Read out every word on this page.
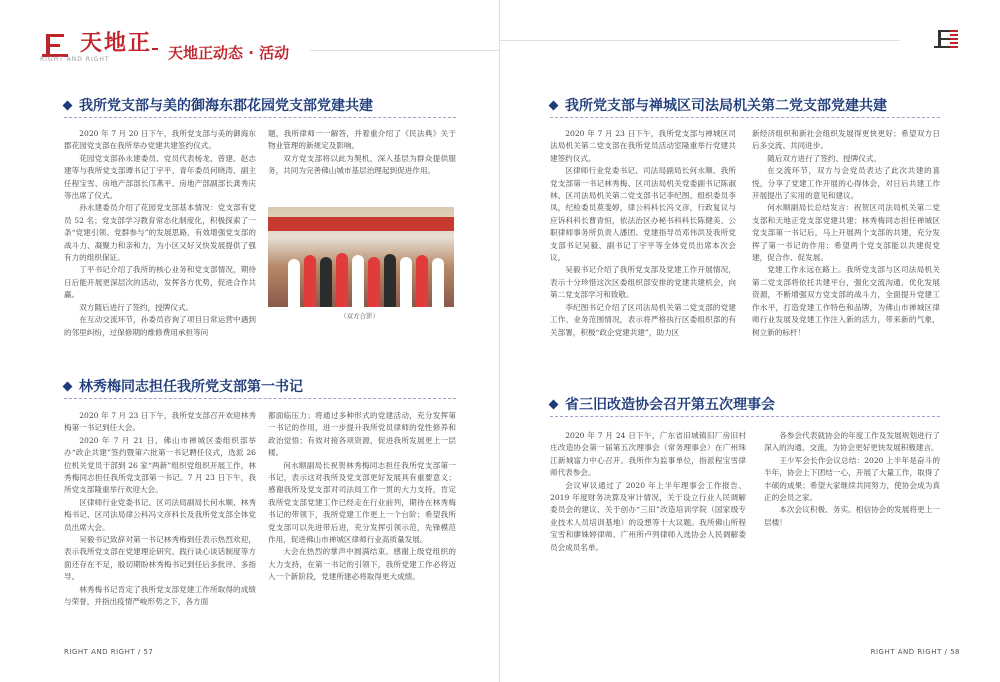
天地正
RIGHT AND RIGHT	天地正动态 · 活动
我所党支部与美的御海东郡花园党支部党建共建

2020 年 7 月 20 日下午，我所党支部与美的御海东郡花园党支部在我所举办党建共建签约仪式。

花园党支部孙永建委员、党员代表杨龙、曾建、赵志建等与我所党支部谭书记丁宇平、青年委员何晓涛、副主任程宝雪、房地产部部长邝燕平、房地产部副部长龚秀庆等出席了仪式。

孙永建委员介绍了花园党支部基本情况：党支部有党员 52 名；党支部学习教育常态化制度化，积极探索了一条“党建引领、党群参与”的发展思路，有效增强党支部的战斗力、凝聚力和亲和力，为小区又好又快发展提供了强有力的组织保证。

丁平书记介绍了我所的核心业务和党支部情况，期待日后能开展更深层次的活动，发挥各方优势，促进合作共赢。

双方随后进行了签约，授牌仪式。

在互动交流环节，孙委员咨询了项目日常运营中遇到的邻里纠纷，过保修期的维修费用承担等问

题，我所律师一一解答，并着重介绍了《民法典》关于物业管理的新规定及影响。

双方党支部将以此为契机，深入基层为群众提供服务，共同为完善佛山城市基层治理起到促进作用。

（双方合影）
林秀梅同志担任我所党支部第一书记

2020 年 7 月 23 日下午，我所党支部召开欢迎林秀梅第一书记到任大会。

2020 年 7 月 21 日，佛山市禅城区委组织部举办“政企共建”签约暨第六批第一书记聘任仪式，选派 26 位机关党员干部到 26 家“两新”组织党组织开展工作，林秀梅同志担任我所党支部第一书记。7 月 23 日下午，我所党支部隆重举行欢迎大会。

区律师行业党委书记、区司法局副局长何水顺、林秀梅书记、区司法局律公科冯文彦科长及我所党支部全体党员出席大会。

吴毅书记致辞对第一书记林秀梅到任表示热烈欢迎，表示我所党支部在党建理论研究、践行谈心谈话制度等方面还存在不足，殷切期盼林秀梅书记到任后多批评、多指导。

林秀梅书记肯定了我所党支部党建工作所取得的成绩与荣誉，并指出疫情严峻形势之下，各方面

都面临压力；将通过多种形式的党建活动，充分发挥第一书记的作用，进一步提升我所党员律师的党性修养和政治觉悟；有效对接各项资源，促进我所发展更上一层楼。

何水顺副局长祝贺林秀梅同志担任我所党支部第一书记，表示这对我所及党支部更好发展具有重要意义；感谢我所及党支部对司法局工作一贯的大力支持，肯定我所党支部党建工作已经走在行业前列，期待在林秀梅书记的带领下，我所党建工作更上一个台阶；希望我所党支部可以先进带后进，充分发挥引领示范，先锋模范作用，促进佛山市禅城区律师行业高质量发展。

大会在热烈的掌声中圆满结束。感谢上级党组织的大力支持，在第一书记的引领下，我所党建工作必将迈入一个新阶段，党建所建必将取得更大成绩。

RIGHT AND RIGHT / 57
我所党支部与禅城区司法局机关第二党支部党建共建

2020 年 7 月 23 日下午，我所党支部与禅城区司法局机关第二党支部在我所党员活动室隆重举行党建共建签约仪式。

区律师行业党委书记、司法局副局长何水顺、我所党支部第一书记林秀梅、区司法局机关党委副书记陈淑林、区司法局机关第二党支部书记李纪图、组织委员李凤，纪检委员莫斐婷，律公科科长冯文彦，行政复议与应诉科科长曹青恒，依法治区办秘书科科长陈健美、公职律师事务所负责人潘团、党建指导员邓伟洪及我所党支部书记吴毅、副书记丁宇平等全体党员出席本次会议。

吴毅书记介绍了我所党支部及党建工作开展情况，表示十分珍惜这次区委组织部安排的党建共建机会，向第二党支部学习和致敬。

李纪图书记介绍了区司法局机关第二党支部的党建工作、业务范围情况，表示将严格执行区委组织部的有关部署，积极“政企党建共建”，助力区

新经济组织和新社会组织发展得更快更好；希望双方日后多交流、共同进步。

随后双方进行了签约、授牌仪式。

在交流环节，双方与会党员表达了此次共建的喜悦，分享了党建工作开展的心得体会，对日后共建工作开展提出了实用的意见和建议。

何水顺副局长总结发言：祝贺区司法局机关第二党支部和天地正党支部党建共建；林秀梅同志担任禅城区党支部第一书记后，马上开展两个支部的共建，充分发挥了第一书记的作用；希望两个党支部能以共建促党建，促合作、促发展。

党建工作永远在路上。我所党支部与区司法局机关第二党支部将依托共建平台，强化交流沟通，优化发展资源，不断增强双方党支部的战斗力，全面提升党建工作水平，打造党建工作特色和品牌，为佛山市禅城区律师行业发展及党建工作注入新的活力，带来新的气象，树立新的标杆！

省三旧改造协会召开第五次理事会

2020 年 7 月 24 日下午，广东省旧城镇旧厂房旧村庄改造协会第一届第五次理事会（常务理事会）在广州珠江新城富力中心召开。我所作为监事单位，指派程宝雪律师代表参会。

会议审议通过了 2020 年上半年理事会工作报告、2019 年度财务决算及审计情况，关于设立行业人民调解委员会的建议、关于创办“三旧”改造培训学院（国家级专业技术人员培训基地）的设想等十大议题。我所佛山所程宝雪和廖姝婷律师、广州所卢列律师入选协会人民调解委员会成员名单。

各参会代表就协会的年度工作及发展规划进行了深入的沟通、交流，为协会更好更快发展积极建言。

王少军会长作会议总结：2020 上半年是奋斗的半年，协会上下团结一心，开展了大量工作，取得了丰硕的成果；希望大家继续共同努力，使协会成为真正的会员之家。

本次会议积极、务实。相信协会的发展将更上一层楼！

RIGHT AND RIGHT / 58
